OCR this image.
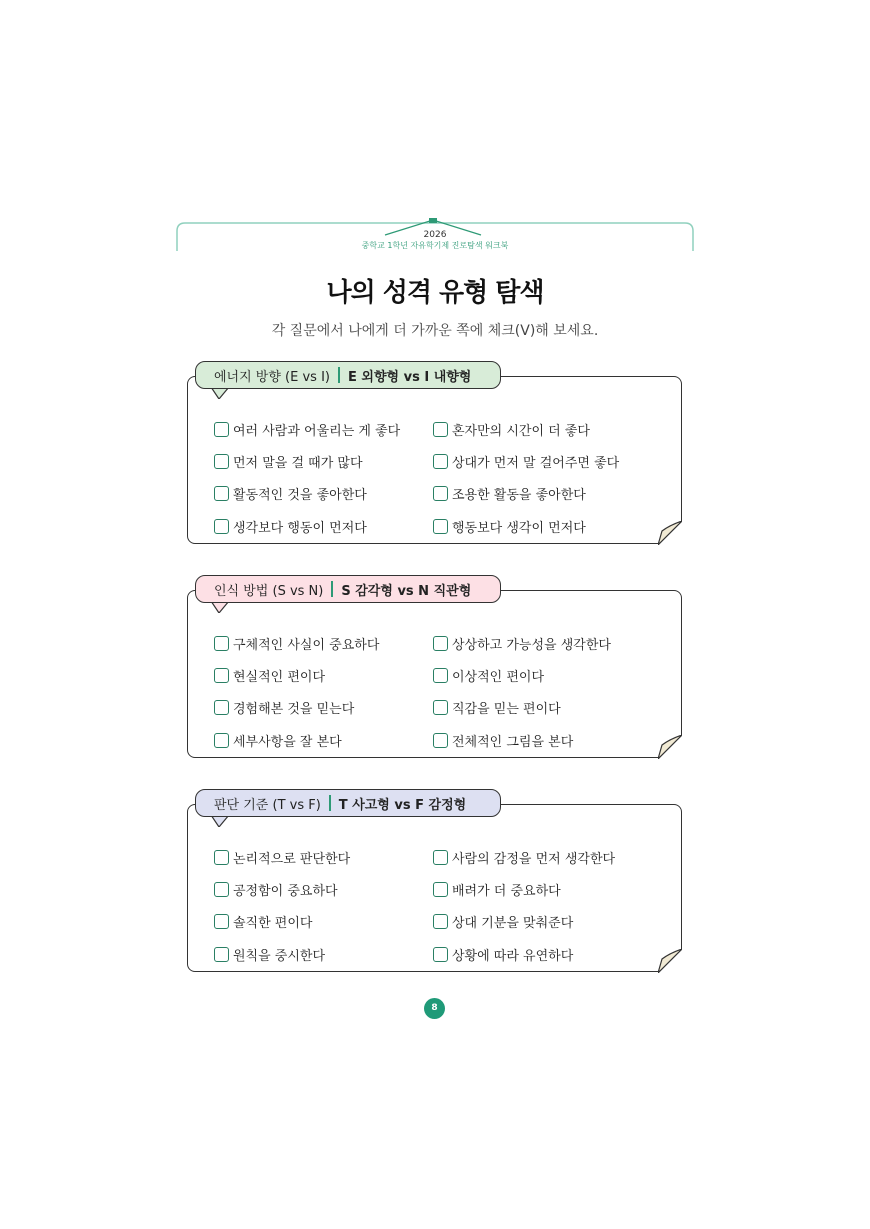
2026
중학교 1학년 자유학기제 진로탐색 워크북
나의 성격 유형 탐색
각 질문에서 나에게 더 가까운 쪽에 체크(V)해 보세요.
에너지 방향 (E vs I) E 외향형 vs I 내향형
여러 사람과 어울리는 게 좋다
먼저 말을 걸 때가 많다
활동적인 것을 좋아한다
생각보다 행동이 먼저다
혼자만의 시간이 더 좋다
상대가 먼저 말 걸어주면 좋다
조용한 활동을 좋아한다
행동보다 생각이 먼저다
인식 방법 (S vs N) S 감각형 vs N 직관형
구체적인 사실이 중요하다
현실적인 편이다
경험해본 것을 믿는다
세부사항을 잘 본다
상상하고 가능성을 생각한다
이상적인 편이다
직감을 믿는 편이다
전체적인 그림을 본다
판단 기준 (T vs F) T 사고형 vs F 감정형
논리적으로 판단한다
공정함이 중요하다
솔직한 편이다
원칙을 중시한다
사람의 감정을 먼저 생각한다
배려가 더 중요하다
상대 기분을 맞춰준다
상황에 따라 유연하다
8
